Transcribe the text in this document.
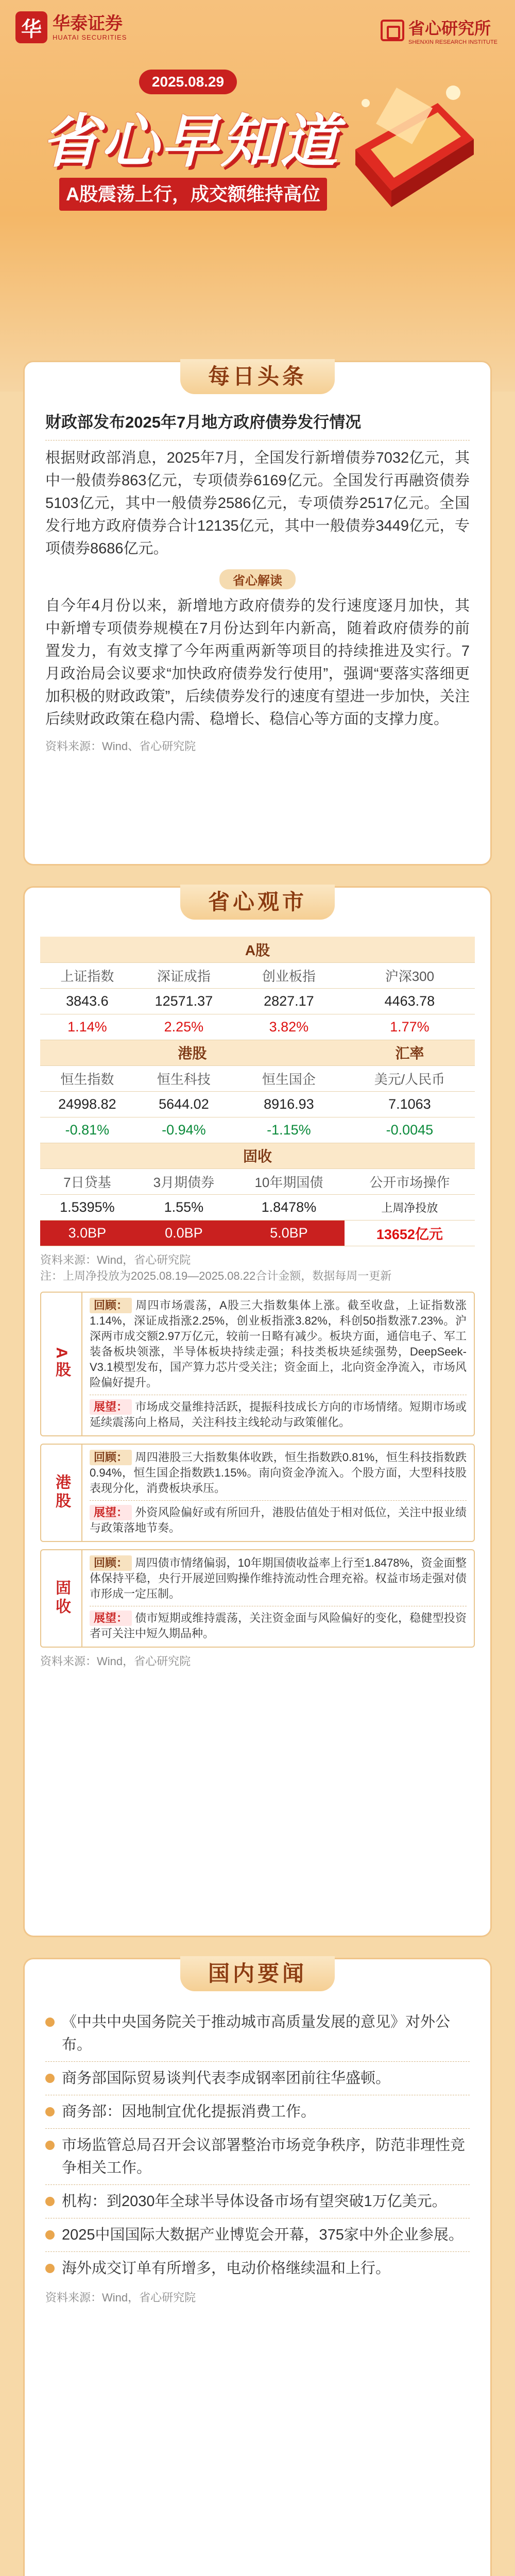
华 华泰证券
HUATAI SECURITIES	省心研究所
SHENXIN RESEARCH INSTITUTE
2025.08.29
省心早知道
A股震荡上行，成交额维持高位
每日头条
财政部发布2025年7月地方政府债券发行情况
根据财政部消息，2025年7月，全国发行新增债券7032亿元，其中一般债券863亿元，专项债券6169亿元。全国发行再融资债券5103亿元，其中一般债券2586亿元，专项债券2517亿元。全国发行地方政府债券合计12135亿元，其中一般债券3449亿元，专项债券8686亿元。
省心解读
自今年4月份以来，新增地方政府债券的发行速度逐月加快，其中新增专项债券规模在7月份达到年内新高，随着政府债券的前置发力，有效支撑了今年两重两新等项目的持续推进及实行。7月政治局会议要求“加快政府债券发行使用”，强调“要落实落细更加积极的财政政策”，后续债券发行的速度有望进一步加快，关注后续财政政策在稳内需、稳增长、稳信心等方面的支撑力度。
资料来源：Wind、省心研究院
省心观市
A股			
上证指数	深证成指	创业板指	沪深300
3843.6	12571.37	2827.17	4463.78
1.14%	2.25%	3.82%	1.77%
港股			汇率
恒生指数	恒生科技	恒生国企	美元/人民币
24998.82	5644.02	8916.93	7.1063
-0.81%	-0.94%	-1.15%	-0.0045
固收			
7日贷基	3月期债券	10年期国债	公开市场操作
1.5395%	1.55%	1.8478%	上周净投放
3.0BP	0.0BP	5.0BP	13652亿元
资料来源：Wind，省心研究院
注：上周净投放为2025.08.19—2025.08.22合计金额，数据每周一更新
A股
回顾： 周四市场震荡，A股三大指数集体上涨。截至收盘，上证指数涨1.14%，深证成指涨2.25%，创业板指涨3.82%，科创50指数涨7.23%。沪深两市成交额2.97万亿元，较前一日略有减少。板块方面，通信电子、军工装备板块领涨，半导体板块持续走强；科技类板块延续强势，DeepSeek-V3.1模型发布，国产算力芯片受关注；资金面上，北向资金净流入，市场风险偏好提升。
展望： 市场成交量维持活跃，提振科技成长方向的市场情绪。短期市场或延续震荡向上格局，关注科技主线轮动与政策催化。
港股
回顾： 周四港股三大指数集体收跌，恒生指数跌0.81%，恒生科技指数跌0.94%，恒生国企指数跌1.15%。南向资金净流入。个股方面，大型科技股表现分化，消费板块承压。
展望： 外资风险偏好或有所回升，港股估值处于相对低位，关注中报业绩与政策落地节奏。
固收
回顾： 周四债市情绪偏弱，10年期国债收益率上行至1.8478%，资金面整体保持平稳，央行开展逆回购操作维持流动性合理充裕。权益市场走强对债市形成一定压制。
展望： 债市短期或维持震荡，关注资金面与风险偏好的变化，稳健型投资者可关注中短久期品种。
资料来源：Wind，省心研究院
国内要闻
《中共中央国务院关于推动城市高质量发展的意见》对外公布。
商务部国际贸易谈判代表李成钢率团前往华盛顿。
商务部：因地制宜优化提振消费工作。
市场监管总局召开会议部署整治市场竞争秩序，防范非理性竞争相关工作。
机构：到2030年全球半导体设备市场有望突破1万亿美元。
2025中国国际大数据产业博览会开幕，375家中外企业参展。
海外成交订单有所增多，电动价格继续温和上行。
资料来源：Wind，省心研究院
